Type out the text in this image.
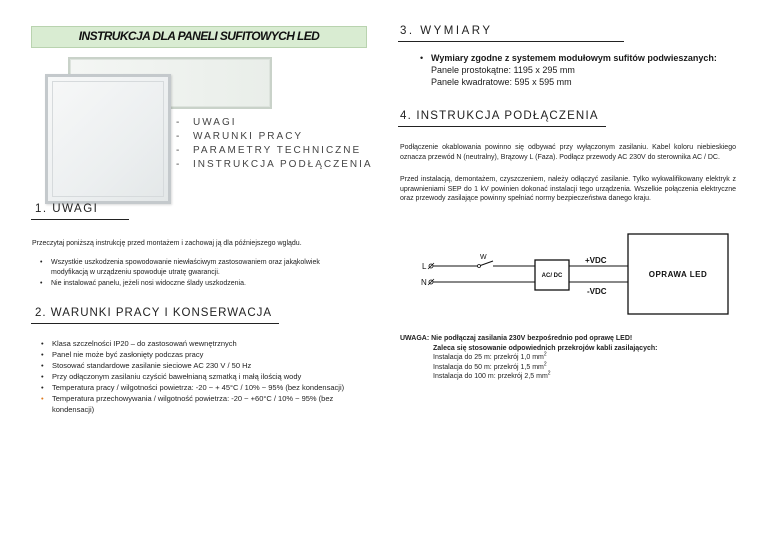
INSTRUKCJA DLA PANELI SUFITOWYCH LED
- UWAGI
- WARUNKI PRACY
- PARAMETRY TECHNICZNE
- INSTRUKCJA PODŁĄCZENIA
1. UWAGI
Przeczytaj poniższą instrukcję przed montażem i zachowaj ją dla późniejszego wglądu.
• Wszystkie uszkodzenia spowodowanie niewłaściwym zastosowaniem oraz jakąkolwiek modyfikacją w urządzeniu spowoduje utratę gwarancji.
• Nie instalować panelu, jeżeli nosi widoczne ślady uszkodzenia.
2. WARUNKI PRACY I KONSERWACJA
• Klasa szczelności IP20 – do zastosowań wewnętrznych
• Panel nie może być zasłonięty podczas pracy
• Stosować standardowe zasilanie sieciowe AC 230 V / 50 Hz
• Przy odłączonym zasilaniu czyścić bawełnianą szmatką i małą ilością wody
• Temperatura pracy / wilgotności powietrza: -20 ~ + 45°C / 10% ~ 95% (bez kondensacji)
• Temperatura przechowywania / wilgotność powietrza: -20 ~ +60°C / 10% ~ 95% (bez kondensacji)
3. WYMIARY
• Wymiary zgodne z systemem modułowym sufitów podwieszanych:
Panele prostokątne: 1195 x 295 mm
Panele kwadratowe: 595 x 595 mm
4. INSTRUKCJA PODŁĄCZENIA
Podłączenie okablowania powinno się odbywać przy wyłączonym zasilaniu. Kabel koloru niebieskiego oznacza przewód N (neutralny), Brązowy L (Faza). Podłącz przewody AC 230V do sterownika AC / DC.
Przed instalacją, demontażem, czyszczeniem, należy odłączyć zasilanie. Tylko wykwalifikowany elektryk z uprawnieniami SEP do 1 kV powinien dokonać instalacji tego urządzenia. Wszelkie połączenia elektryczne oraz przewody zasilające powinny spełniać normy bezpieczeństwa danego kraju.
L
N
W
AC/ DC
+VDC
-VDC
OPRAWA LED
UWAGA: Nie podłączaj zasilania 230V bezpośrednio pod oprawę LED!
Zaleca się stosowanie odpowiednich przekrojów kabli zasilających:
Instalacja do 25 m: przekrój 1,0 $mm^2$
Instalacja do 50 m: przekrój 1,5 $mm^2$
Instalacja do 100 m: przekrój 2,5 $mm^2$
